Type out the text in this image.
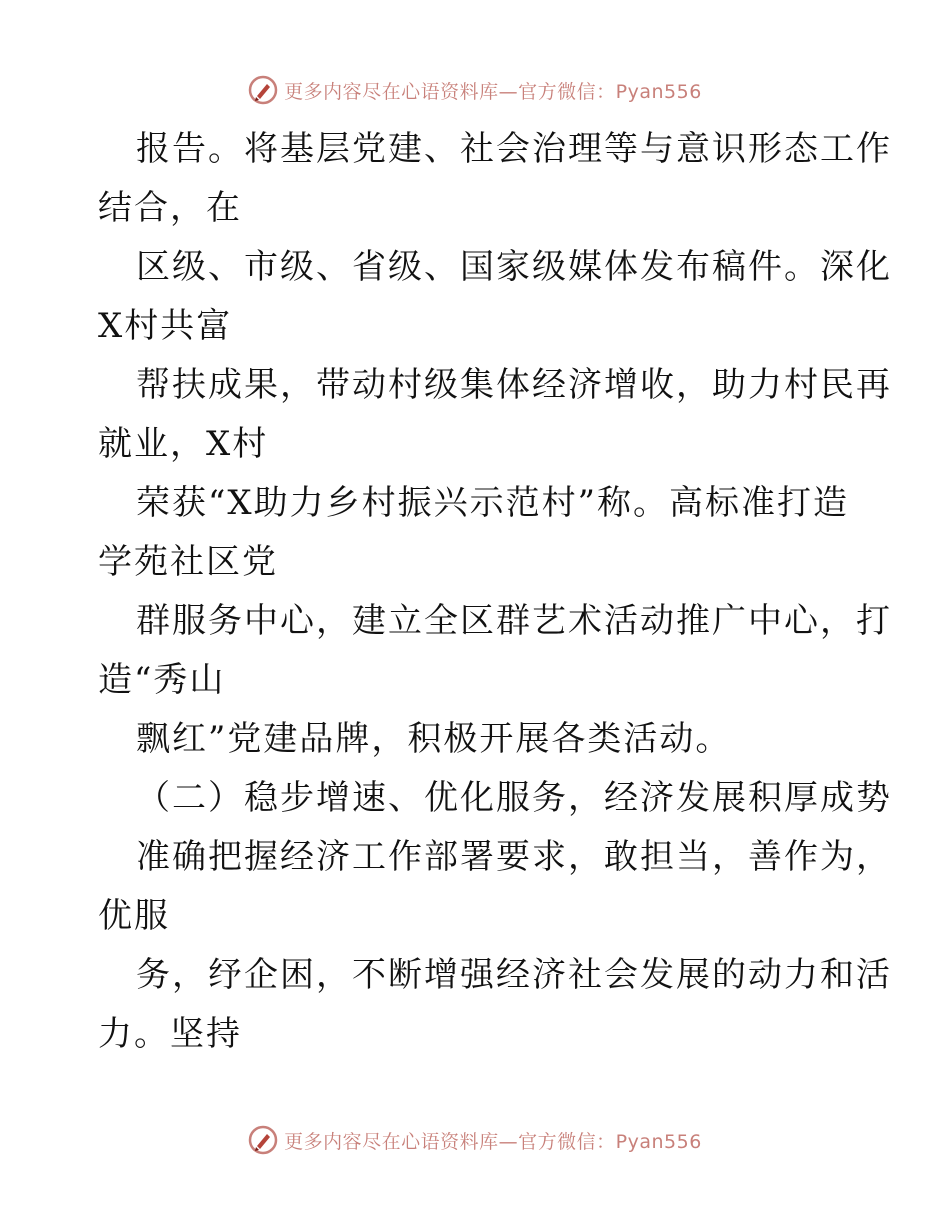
更多内容尽在心语资料库—官方微信：Pyan556
报告。将基层党建、社会治理等与意识形态工作
结合，在
区级、市级、省级、国家级媒体发布稿件。深化
X村共富
帮扶成果，带动村级集体经济增收，助力村民再
就业，X村
荣获“X助力乡村振兴示范村”称。高标准打造
学苑社区党
群服务中心，建立全区群艺术活动推广中心，打
造“秀山
飘红”党建品牌，积极开展各类活动。
（二）稳步增速、优化服务，经济发展积厚成势
准确把握经济工作部署要求，敢担当，善作为，
优服
务，纾企困，不断增强经济社会发展的动力和活
力。坚持
更多内容尽在心语资料库—官方微信：Pyan556
